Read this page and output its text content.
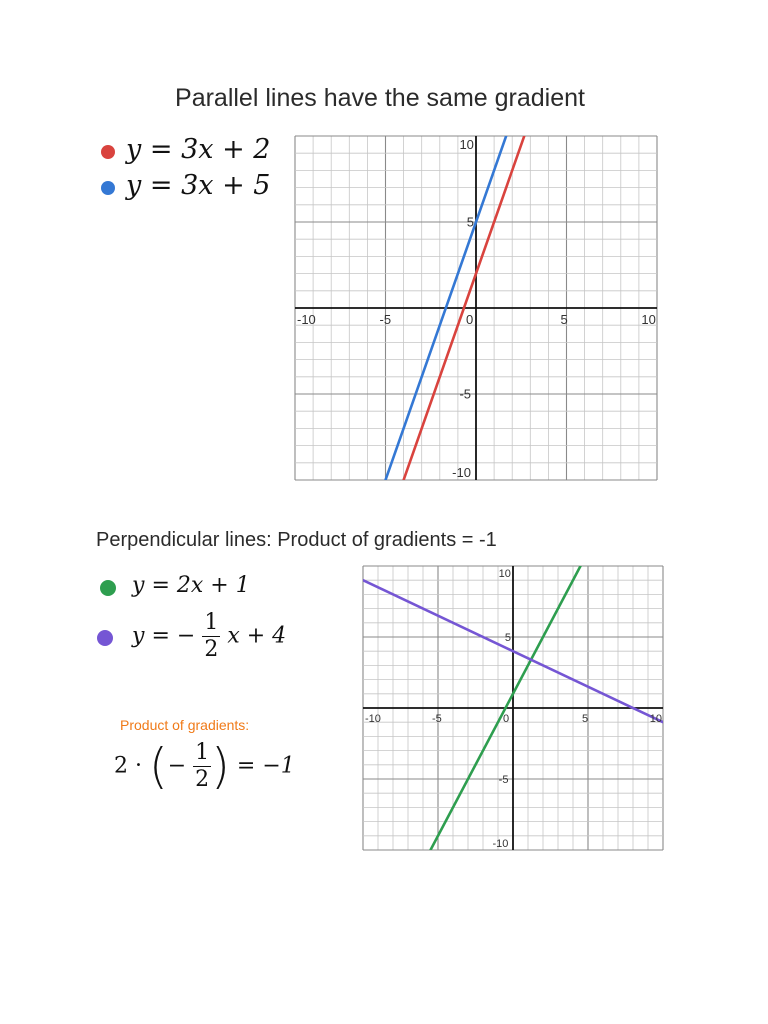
Parallel lines have the same gradient
y = 3x + 2
y = 3x + 5
-10	-5	0	5	10
-10
-5
5
10
Perpendicular lines: Product of gradients = -1
y = 2x + 1
y = − $\frac{1}{2}$ x + 4
Product of gradients:
2 · (− $\frac{1}{2}$ ) = −1
-10	-5	0	5	10
-10
-5
5
10
